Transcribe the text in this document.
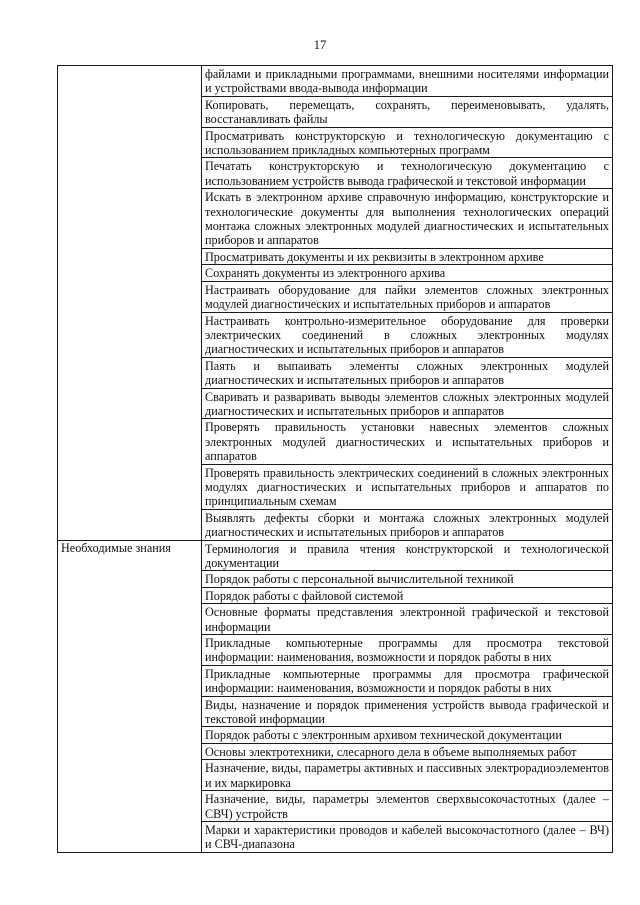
17
	файлами и прикладными программами, внешними носителями информации и устройствами ввода-вывода информации
	Копировать, перемещать, сохранять, переименовывать, удалять, восстанавливать файлы
	Просматривать конструкторскую и технологическую документацию с использованием прикладных компьютерных программ
	Печатать конструкторскую и технологическую документацию с использованием устройств вывода графической и текстовой информации
	Искать в электронном архиве справочную информацию, конструкторские и технологические документы для выполнения технологических операций монтажа сложных электронных модулей диагностических и испытательных приборов и аппаратов
	Просматривать документы и их реквизиты в электронном архиве
	Сохранять документы из электронного архива
	Настраивать оборудование для пайки элементов сложных электронных модулей диагностических и испытательных приборов и аппаратов
	Настраивать контрольно-измерительное оборудование для проверки электрических соединений в сложных электронных модулях диагностических и испытательных приборов и аппаратов
	Паять и выпаивать элементы сложных электронных модулей диагностических и испытательных приборов и аппаратов
	Сваривать и разваривать выводы элементов сложных электронных модулей диагностических и испытательных приборов и аппаратов
	Проверять правильность установки навесных элементов сложных электронных модулей диагностических и испытательных приборов и аппаратов
	Проверять правильность электрических соединений в сложных электронных модулях диагностических и испытательных приборов и аппаратов по принципиальным схемам
	Выявлять дефекты сборки и монтажа сложных электронных модулей диагностических и испытательных приборов и аппаратов
Необходимые знания	Терминология и правила чтения конструкторской и технологической документации
	Порядок работы с персональной вычислительной техникой
	Порядок работы с файловой системой
	Основные форматы представления электронной графической и текстовой информации
	Прикладные компьютерные программы для просмотра текстовой информации: наименования, возможности и порядок работы в них
	Прикладные компьютерные программы для просмотра графической информации: наименования, возможности и порядок работы в них
	Виды, назначение и порядок применения устройств вывода графической и текстовой информации
	Порядок работы с электронным архивом технической документации
	Основы электротехники, слесарного дела в объеме выполняемых работ
	Назначение, виды, параметры активных и пассивных электрорадиоэлементов и их маркировка
	Назначение, виды, параметры элементов сверхвысокочастотных (далее – СВЧ) устройств
	Марки и характеристики проводов и кабелей высокочастотного (далее – ВЧ) и СВЧ-диапазона
